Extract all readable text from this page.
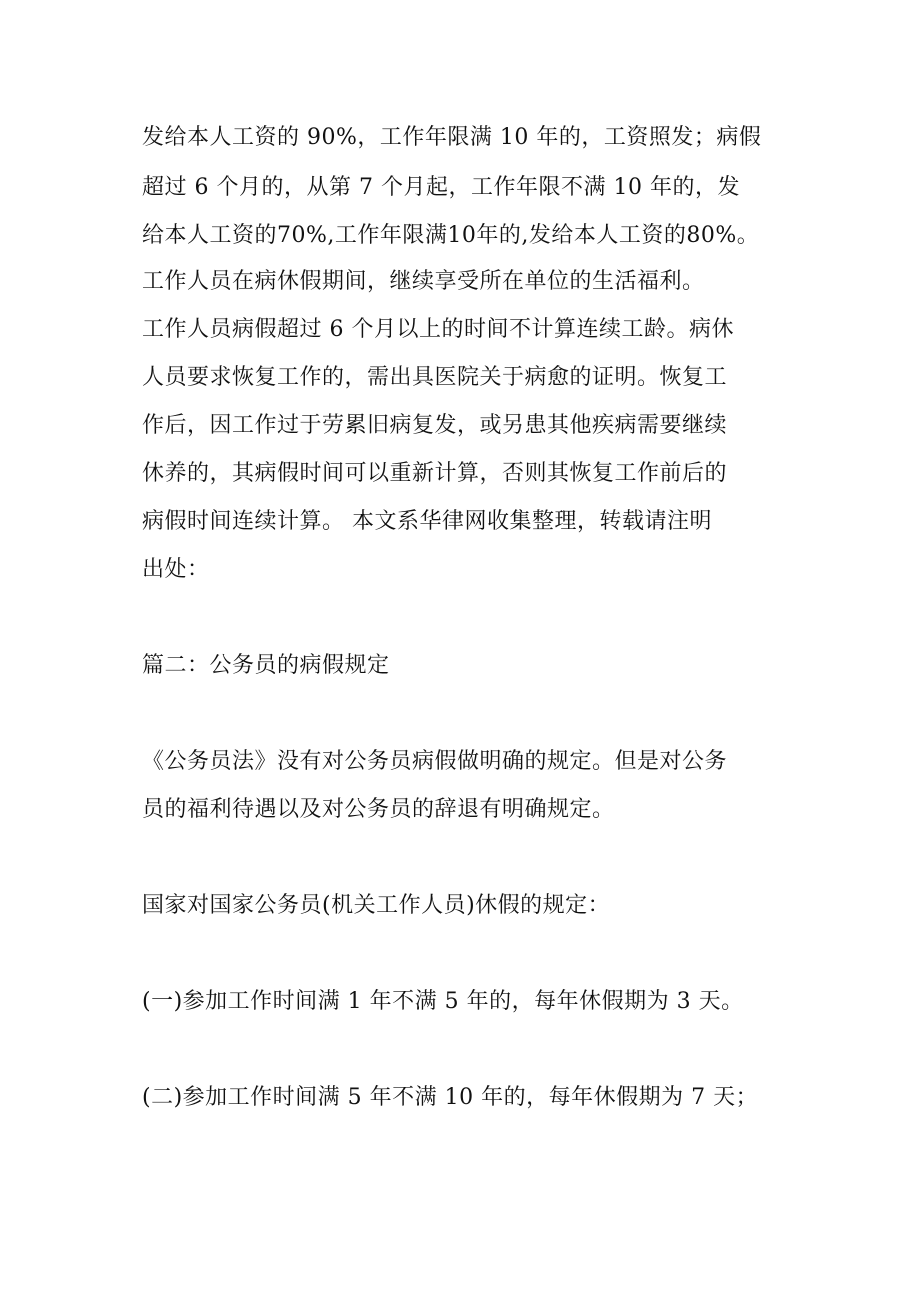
发给本人工资的 90%，工作年限满 10 年的，工资照发；病假

超过 6 个月的，从第 7 个月起，工作年限不满 10 年的，发

给本人工资的70%,工作年限满10年的,发给本人工资的80%。

工作人员在病休假期间，继续享受所在单位的生活福利。

工作人员病假超过 6 个月以上的时间不计算连续工龄。病休

人员要求恢复工作的，需出具医院关于病愈的证明。恢复工

作后，因工作过于劳累旧病复发，或另患其他疾病需要继续

休养的，其病假时间可以重新计算，否则其恢复工作前后的

病假时间连续计算。 本文系华律网收集整理，转载请注明

出处：

篇二：公务员的病假规定

《公务员法》没有对公务员病假做明确的规定。但是对公务

员的福利待遇以及对公务员的辞退有明确规定。

国家对国家公务员(机关工作人员)休假的规定：

(一)参加工作时间满 1 年不满 5 年的，每年休假期为 3 天。

(二)参加工作时间满 5 年不满 10 年的，每年休假期为 7 天；
